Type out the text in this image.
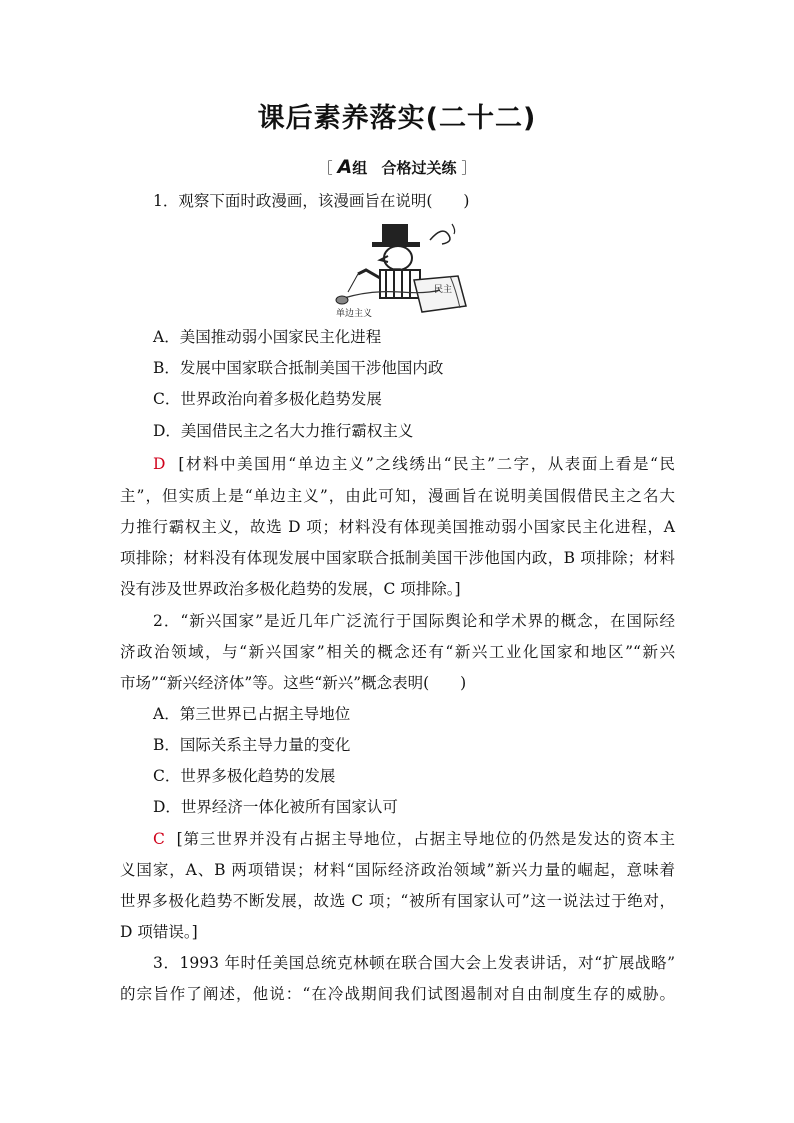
课后素养落实(二十二)
［ A组 合格过关练 ］
1．观察下面时政漫画，该漫画旨在说明(　　)
民主
单边主义
A．美国推动弱小国家民主化进程
B．发展中国家联合抵制美国干涉他国内政
C．世界政治向着多极化趋势发展
D．美国借民主之名大力推行霸权主义
D [材料中美国用“单边主义”之线绣出“民主”二字，从表面上看是“民
主”，但实质上是“单边主义”，由此可知，漫画旨在说明美国假借民主之名大
力推行霸权主义，故选 D 项；材料没有体现美国推动弱小国家民主化进程，A
项排除；材料没有体现发展中国家联合抵制美国干涉他国内政，B 项排除；材料
没有涉及世界政治多极化趋势的发展，C 项排除。]
2．“新兴国家”是近几年广泛流行于国际舆论和学术界的概念，在国际经
济政治领域，与“新兴国家”相关的概念还有“新兴工业化国家和地区”“新兴
市场”“新兴经济体”等。这些“新兴”概念表明(　　)
A．第三世界已占据主导地位
B．国际关系主导力量的变化
C．世界多极化趋势的发展
D．世界经济一体化被所有国家认可
C [第三世界并没有占据主导地位，占据主导地位的仍然是发达的资本主
义国家，A、B 两项错误；材料“国际经济政治领域”新兴力量的崛起，意味着
世界多极化趋势不断发展，故选 C 项；“被所有国家认可”这一说法过于绝对，
D 项错误。]
3．1993 年时任美国总统克林顿在联合国大会上发表讲话，对“扩展战略”
的宗旨作了阐述，他说：“在冷战期间我们试图遏制对自由制度生存的威胁。
